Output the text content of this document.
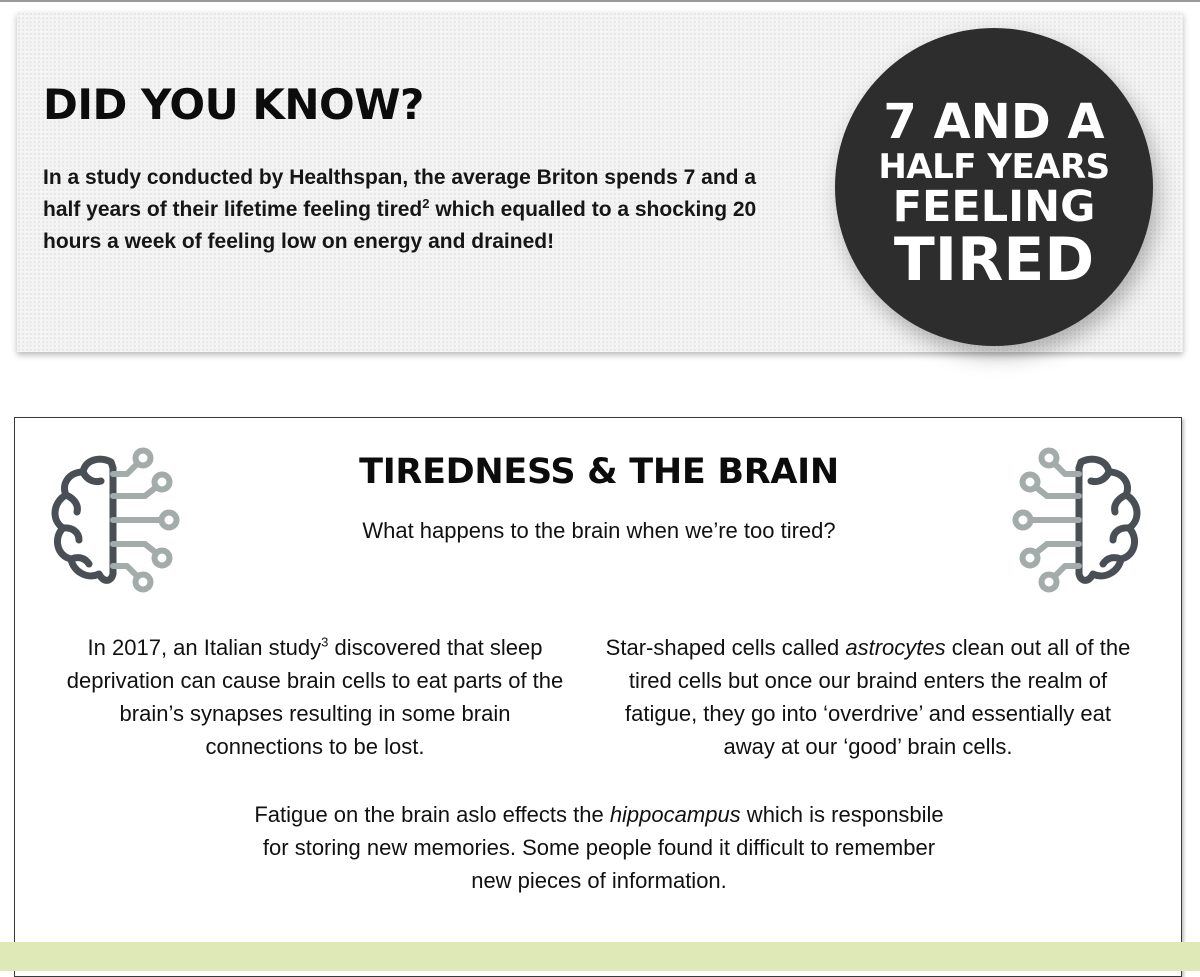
DID YOU KNOW?

In a study conducted by Healthspan, the average Briton spends 7 and a half years of their lifetime feeling tired$^2$ which equalled to a shocking 20 hours a week of feeling low on energy and drained!

7 AND A
HALF YEARS
FEELING
TIRED
TIREDNESS & THE BRAIN

What happens to the brain when we’re too tired?

In 2017, an Italian study$^3$ discovered that sleep deprivation can cause brain cells to eat parts of the brain’s synapses resulting in some brain connections to be lost.

Star-shaped cells called astrocytes clean out all of the tired cells but once our braind enters the realm of fatigue, they go into ‘overdrive’ and essentially eat away at our ‘good’ brain cells.

Fatigue on the brain aslo effects the hippocampus which is responsbile for storing new memories. Some people found it difficult to remember new pieces of information.
